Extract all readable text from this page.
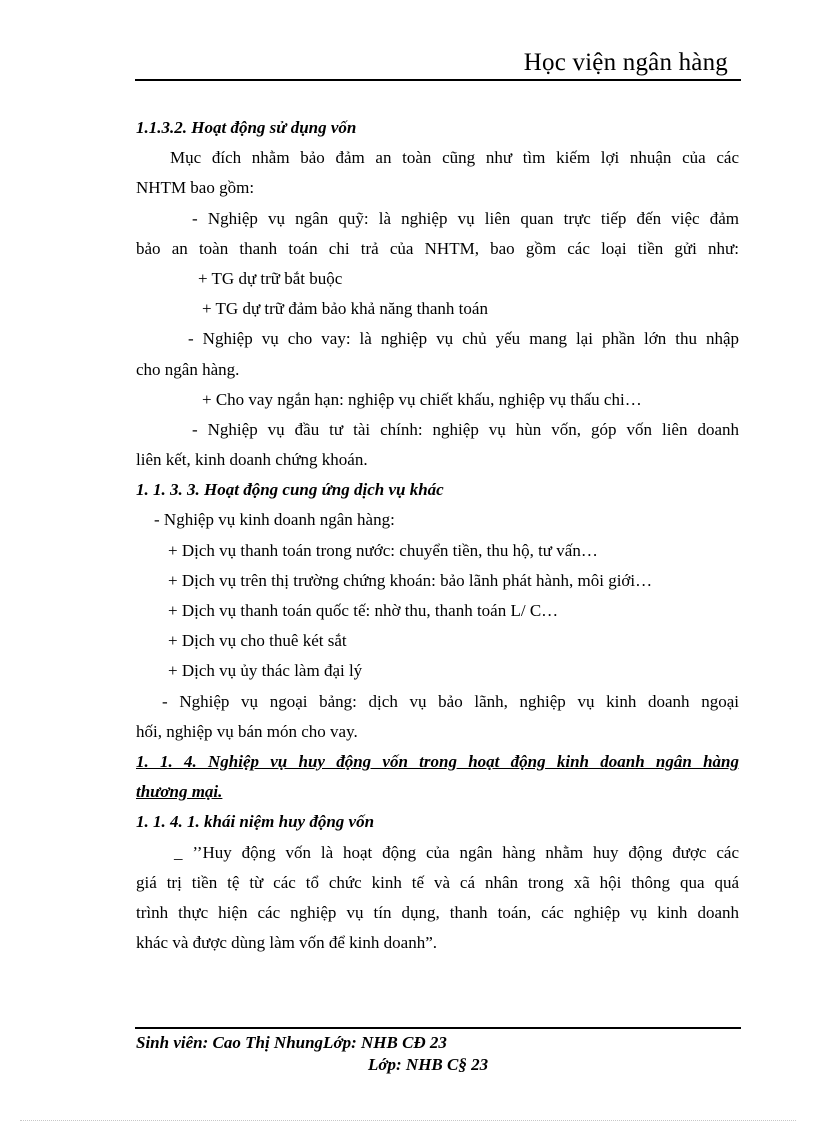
Học viện ngân hàng
1.1.3.2. Hoạt động sử dụng vốn
Mục đích nhằm bảo đảm an toàn cũng như tìm kiếm lợi nhuận của các
NHTM bao gồm:
- Nghiệp vụ ngân quỹ: là nghiệp vụ liên quan trực tiếp đến việc đảm
bảo an toàn thanh toán chi trả của NHTM, bao gồm các loại tiền gửi như:
+ TG dự trữ bắt buộc
+ TG dự trữ đảm bảo khả năng thanh toán
- Nghiệp vụ cho vay: là nghiệp vụ chủ yếu mang lại phần lớn thu nhập
cho ngân hàng.
+ Cho vay ngắn hạn: nghiệp vụ chiết khấu, nghiệp vụ thấu chi…
- Nghiệp vụ đầu tư tài chính: nghiệp vụ hùn vốn, góp vốn liên doanh
liên kết, kinh doanh chứng khoán.
1. 1. 3. 3. Hoạt động cung ứng dịch vụ khác
- Nghiệp vụ kinh doanh ngân hàng:
+ Dịch vụ thanh toán trong nước: chuyển tiền, thu hộ, tư vấn…
+ Dịch vụ trên thị trường chứng khoán: bảo lãnh phát hành, môi giới…
+ Dịch vụ thanh toán quốc tế: nhờ thu, thanh toán L/ C…
+ Dịch vụ cho thuê két sắt
+ Dịch vụ ủy thác làm đại lý
- Nghiệp vụ ngoại bảng: dịch vụ bảo lãnh, nghiệp vụ kinh doanh ngoại
hối, nghiệp vụ bán món cho vay.
1. 1. 4. Nghiệp vụ huy động vốn trong hoạt động kinh doanh ngân hàng
thương mại.
1. 1. 4. 1. khái niệm huy động vốn
_ ’’Huy động vốn là hoạt động của ngân hàng nhằm huy động được các
giá trị tiền tệ từ các tổ chức kinh tế và cá nhân trong xã hội thông qua quá
trình thực hiện các nghiệp vụ tín dụng, thanh toán, các nghiệp vụ kinh doanh
khác và được dùng làm vốn để kinh doanh”.
Sinh viên: Cao Thị NhungLớp: NHB CĐ 23
Lớp: NHB C§ 23
